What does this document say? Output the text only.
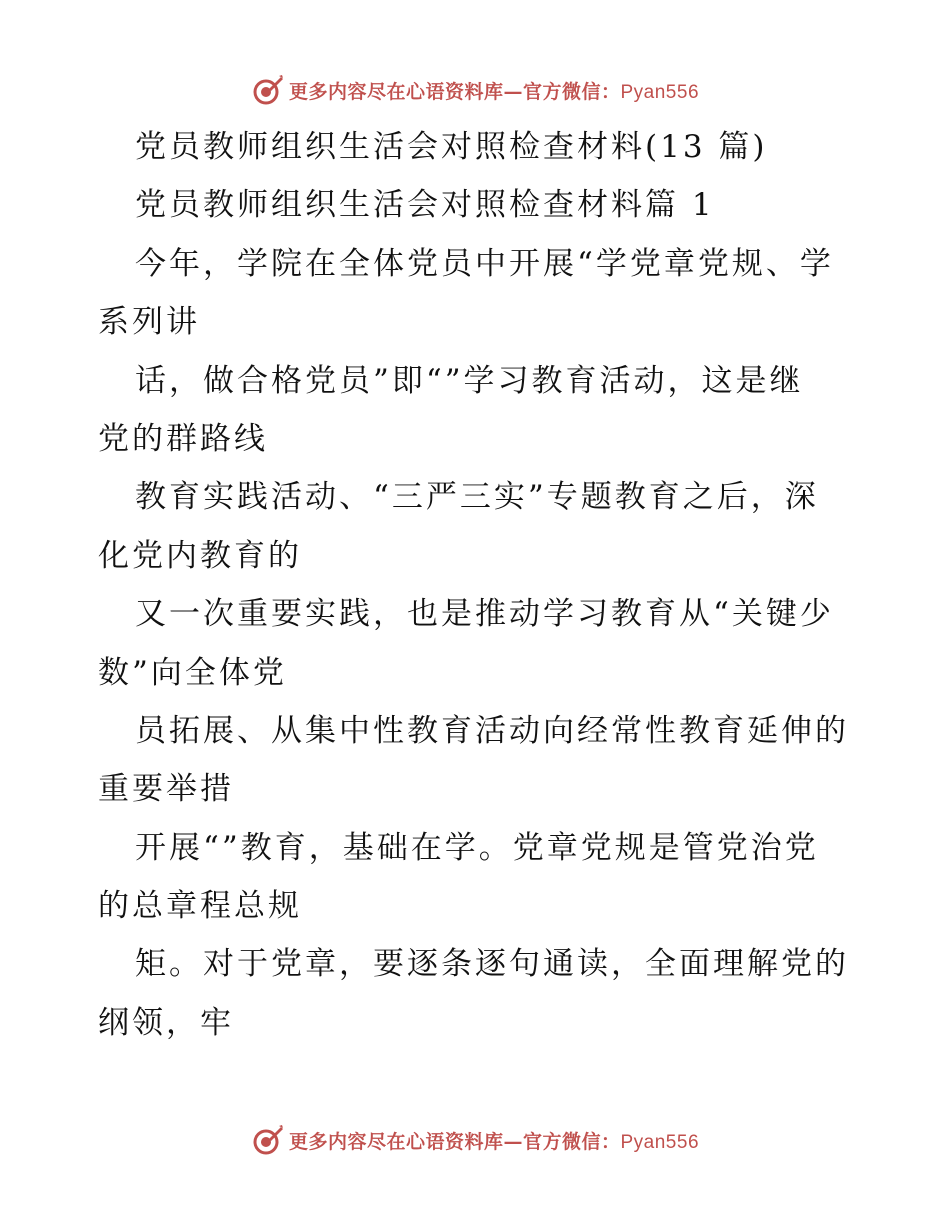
更多内容尽在心语资料库—官方微信：Pyan556
党员教师组织生活会对照检查材料(13 篇)
党员教师组织生活会对照检查材料篇 1
今年，学院在全体党员中开展“学党章党规、学
系列讲
话，做合格党员”即“”学习教育活动，这是继
党的群路线
教育实践活动、“三严三实”专题教育之后，深
化党内教育的
又一次重要实践，也是推动学习教育从“关键少
数”向全体党
员拓展、从集中性教育活动向经常性教育延伸的
重要举措
开展“”教育，基础在学。党章党规是管党治党
的总章程总规
矩。对于党章，要逐条逐句通读，全面理解党的
纲领，牢
更多内容尽在心语资料库—官方微信：Pyan556
